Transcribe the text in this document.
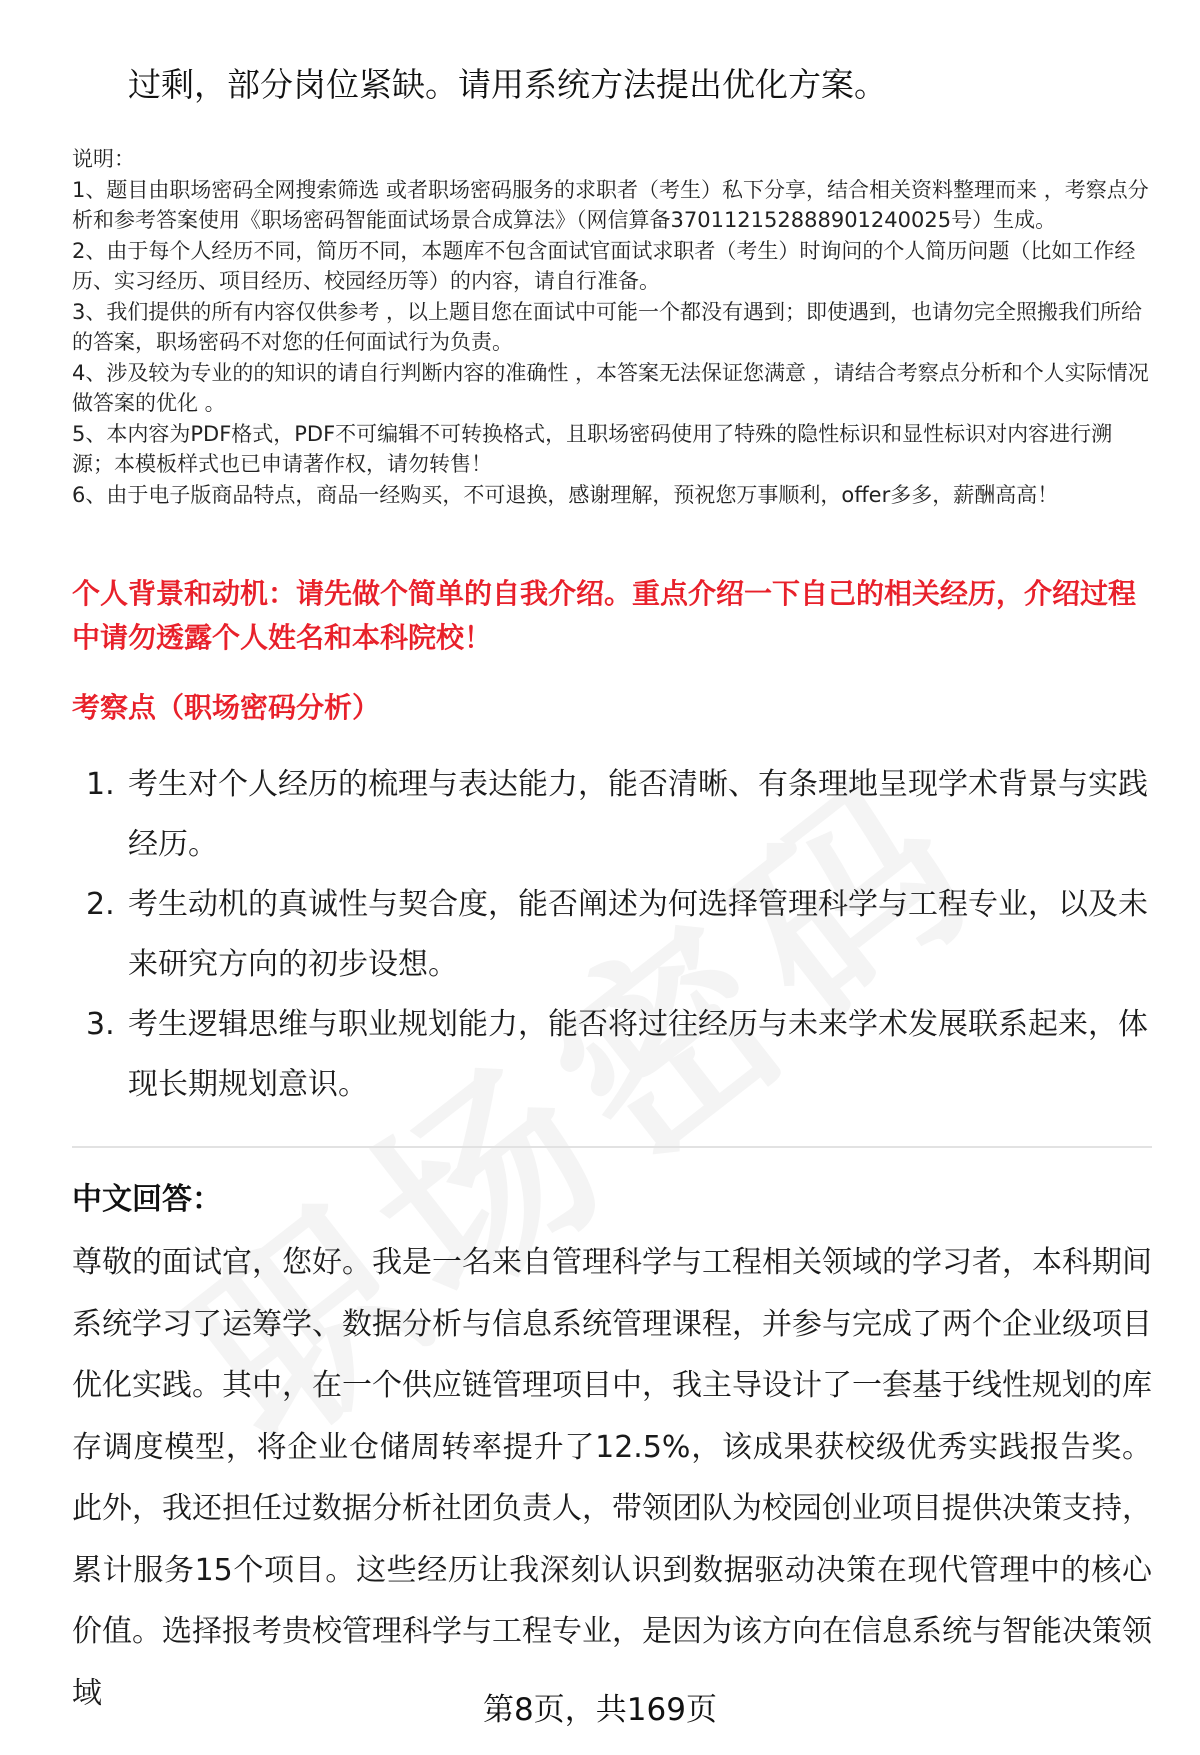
过剩，部分岗位紧缺。请用系统方法提出优化方案。

说明：

1、题目由职场密码全网搜索筛选 或者职场密码服务的求职者（考生）私下分享，结合相关资料整理而来 ，考察点分析和参考答案使用《职场密码智能面试场景合成算法》（网信算备370112152888901240025号）生成。

2、由于每个人经历不同，简历不同，本题库不包含面试官面试求职者（考生）时询问的个人简历问题（比如工作经历、实习经历、项目经历、校园经历等）的内容，请自行准备。

3、我们提供的所有内容仅供参考 ，以上题目您在面试中可能一个都没有遇到；即使遇到，也请勿完全照搬我们所给的答案，职场密码不对您的任何面试行为负责。

4、涉及较为专业的的知识的请自行判断内容的准确性 ，本答案无法保证您满意 ，请结合考察点分析和个人实际情况做答案的优化 。

5、本内容为PDF格式，PDF不可编辑不可转换格式，且职场密码使用了特殊的隐性标识和显性标识对内容进行溯源；本模板样式也已申请著作权，请勿转售！

6、由于电子版商品特点，商品一经购买，不可退换，感谢理解，预祝您万事顺利，offer多多，薪酬高高！

个人背景和动机：请先做个简单的自我介绍。重点介绍一下自己的相关经历，介绍过程中请勿透露个人姓名和本科院校！

考察点（职场密码分析）

1. 考生对个人经历的梳理与表达能力，能否清晰、有条理地呈现学术背景与实践经历。
2. 考生动机的真诚性与契合度，能否阐述为何选择管理科学与工程专业，以及未来研究方向的初步设想。
3. 考生逻辑思维与职业规划能力，能否将过往经历与未来学术发展联系起来，体现长期规划意识。

中文回答：

尊敬的面试官，您好。我是一名来自管理科学与工程相关领域的学习者，本科期间系统学习了运筹学、数据分析与信息系统管理课程，并参与完成了两个企业级项目优化实践。其中，在一个供应链管理项目中，我主导设计了一套基于线性规划的库存调度模型，将企业仓储周转率提升了12.5%，该成果获校级优秀实践报告奖。此外，我还担任过数据分析社团负责人，带领团队为校园创业项目提供决策支持，累计服务15个项目。这些经历让我深刻认识到数据驱动决策在现代管理中的核心价值。选择报考贵校管理科学与工程专业，是因为该方向在信息系统与智能决策领域	第8页，共169页
